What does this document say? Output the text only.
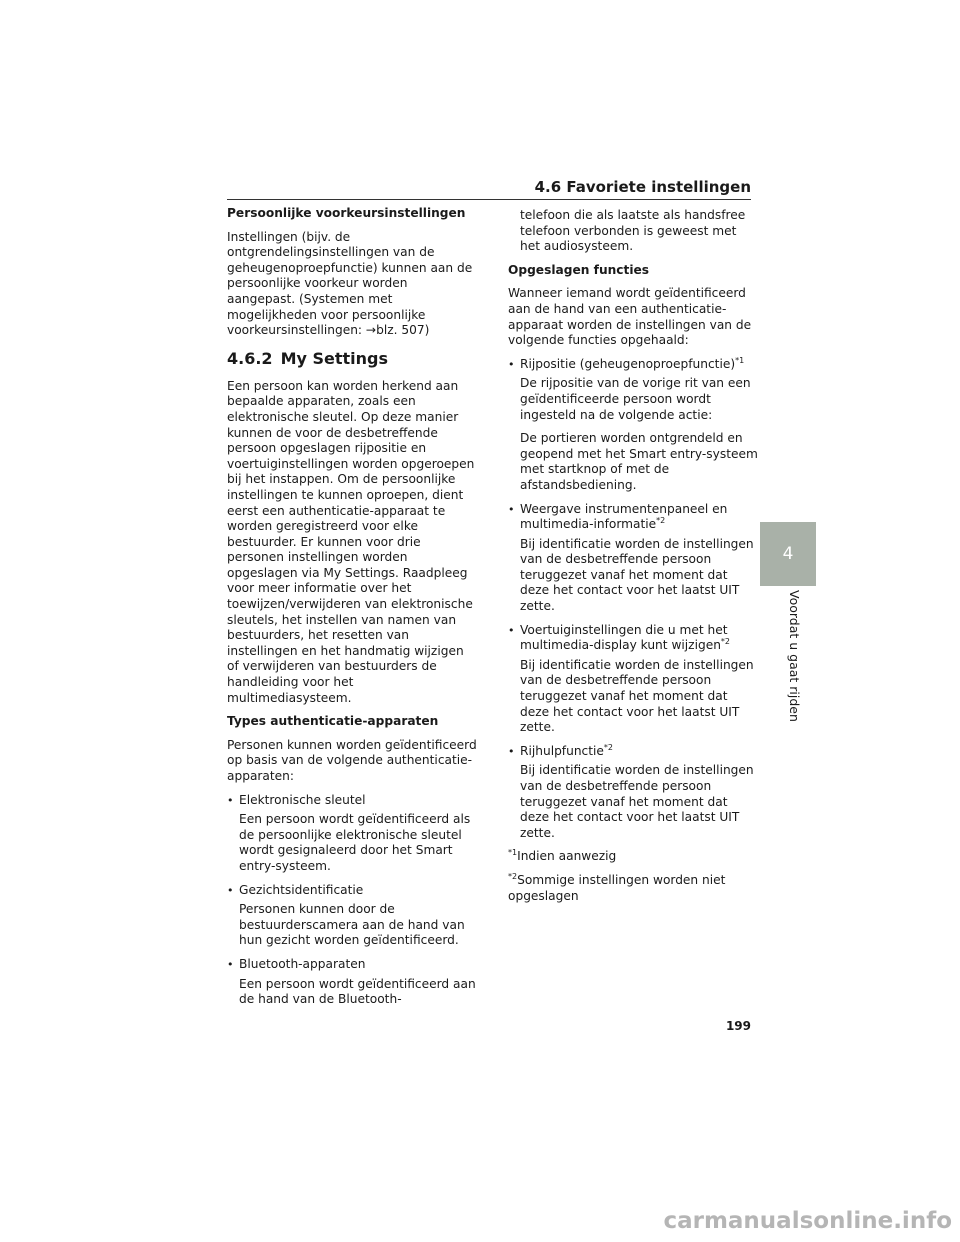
4.6 Favoriete instellingen

Persoonlijke voorkeursinstellingen

Instellingen (bijv. de ontgrendelingsinstellingen van de geheugenoproepfunctie) kunnen aan de persoonlijke voorkeur worden aangepast. (Systemen met mogelijkheden voor persoonlijke voorkeursinstellingen: →blz. 507)

4.6.2 My Settings

Een persoon kan worden herkend aan bepaalde apparaten, zoals een elektronische sleutel. Op deze manier kunnen de voor de desbetreffende persoon opgeslagen rijpositie en voertuiginstellingen worden opgeroepen bij het instappen. Om de persoonlijke instellingen te kunnen oproepen, dient eerst een authenticatie-apparaat te worden geregistreerd voor elke bestuurder. Er kunnen voor drie personen instellingen worden opgeslagen via My Settings. Raadpleeg voor meer informatie over het toewijzen/verwijderen van elektronische sleutels, het instellen van namen van bestuurders, het resetten van instellingen en het handmatig wijzigen of verwijderen van bestuurders de handleiding voor het multimediasysteem.

Types authenticatie-apparaten

Personen kunnen worden geïdentificeerd op basis van de volgende authenticatie-apparaten:

• Elektronische sleutel
Een persoon wordt geïdentificeerd als de persoonlijke elektronische sleutel wordt gesignaleerd door het Smart entry-systeem.
• Gezichtsidentificatie
Personen kunnen door de bestuurderscamera aan de hand van hun gezicht worden geïdentificeerd.
• Bluetooth-apparaten
Een persoon wordt geïdentificeerd aan de hand van de Bluetooth-
telefoon die als laatste als handsfree telefoon verbonden is geweest met het audiosysteem.

Opgeslagen functies

Wanneer iemand wordt geïdentificeerd aan de hand van een authenticatie-apparaat worden de instellingen van de volgende functies opgehaald:

• Rijpositie (geheugenoproepfunctie)$^{*1}$
De rijpositie van de vorige rit van een geïdentificeerde persoon wordt ingesteld na de volgende actie:
De portieren worden ontgrendeld en geopend met het Smart entry-systeem met startknop of met de afstandsbediening.
• Weergave instrumentenpaneel en multimedia-informatie$^{*2}$
Bij identificatie worden de instellingen van de desbetreffende persoon teruggezet vanaf het moment dat deze het contact voor het laatst UIT zette.
• Voertuiginstellingen die u met het multimedia-display kunt wijzigen$^{*2}$
Bij identificatie worden de instellingen van de desbetreffende persoon teruggezet vanaf het moment dat deze het contact voor het laatst UIT zette.
• Rijhulpfunctie$^{*2}$
Bij identificatie worden de instellingen van de desbetreffende persoon teruggezet vanaf het moment dat deze het contact voor het laatst UIT zette.

$^{*1}$Indien aanwezig

$^{*2}$Sommige instellingen worden niet opgeslagen

4
Voordat u gaat rijden
199
carmanualsonline.info
